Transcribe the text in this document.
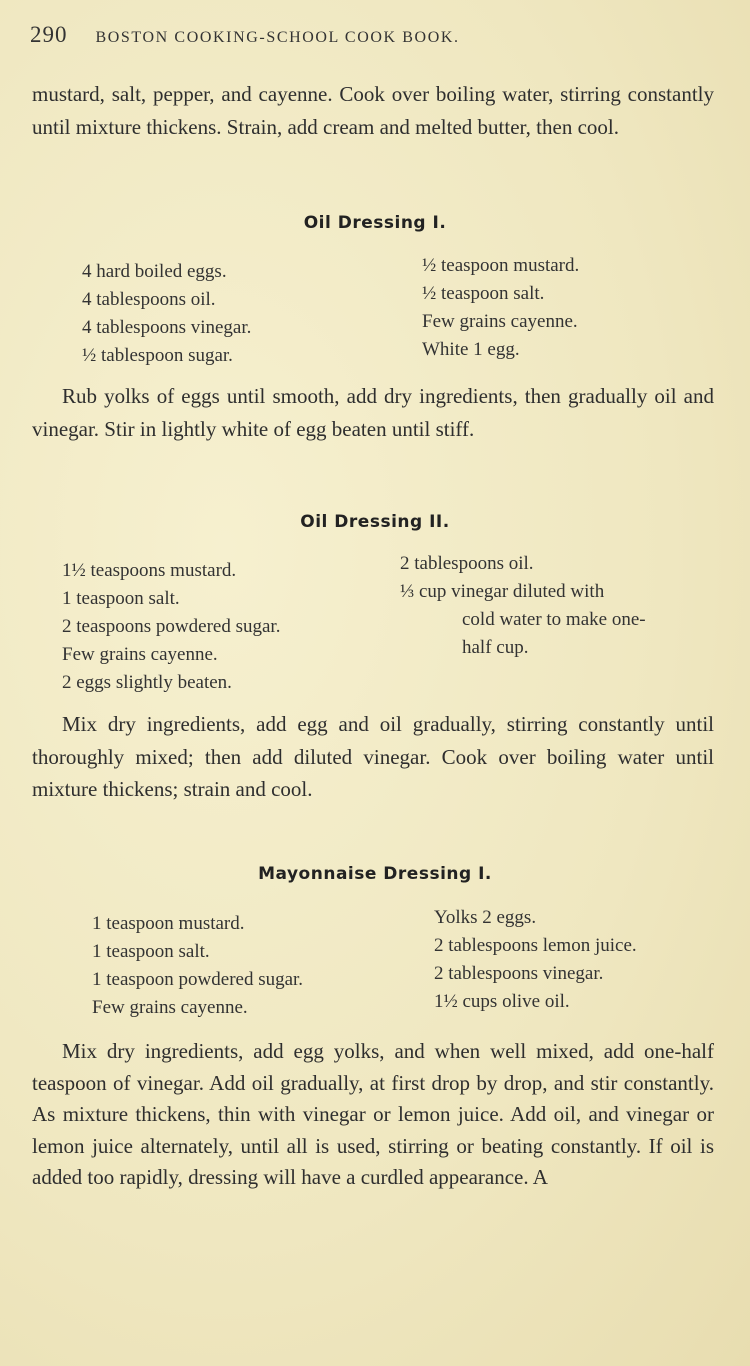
290 BOSTON COOKING-SCHOOL COOK BOOK.
mustard, salt, pepper, and cayenne. Cook over boiling water, stirring constantly until mixture thickens. Strain, add cream and melted butter, then cool.
Oil Dressing I.
4 hard boiled eggs.
4 tablespoons oil.
4 tablespoons vinegar.
½ tablespoon sugar.
½ teaspoon mustard.
½ teaspoon salt.
Few grains cayenne.
White 1 egg.
Rub yolks of eggs until smooth, add dry ingredients, then gradually oil and vinegar. Stir in lightly white of egg beaten until stiff.
Oil Dressing II.
1½ teaspoons mustard.
1 teaspoon salt.
2 teaspoons powdered sugar.
Few grains cayenne.
2 eggs slightly beaten.
2 tablespoons oil.
⅓ cup vinegar diluted with
cold water to make one-
half cup.
Mix dry ingredients, add egg and oil gradually, stirring constantly until thoroughly mixed; then add diluted vinegar. Cook over boiling water until mixture thickens; strain and cool.
Mayonnaise Dressing I.
1 teaspoon mustard.
1 teaspoon salt.
1 teaspoon powdered sugar.
Few grains cayenne.
Yolks 2 eggs.
2 tablespoons lemon juice.
2 tablespoons vinegar.
1½ cups olive oil.
Mix dry ingredients, add egg yolks, and when well mixed, add one-half teaspoon of vinegar. Add oil gradually, at first drop by drop, and stir constantly. As mixture thickens, thin with vinegar or lemon juice. Add oil, and vinegar or lemon juice alternately, until all is used, stirring or beating constantly. If oil is added too rapidly, dressing will have a curdled appearance. A
